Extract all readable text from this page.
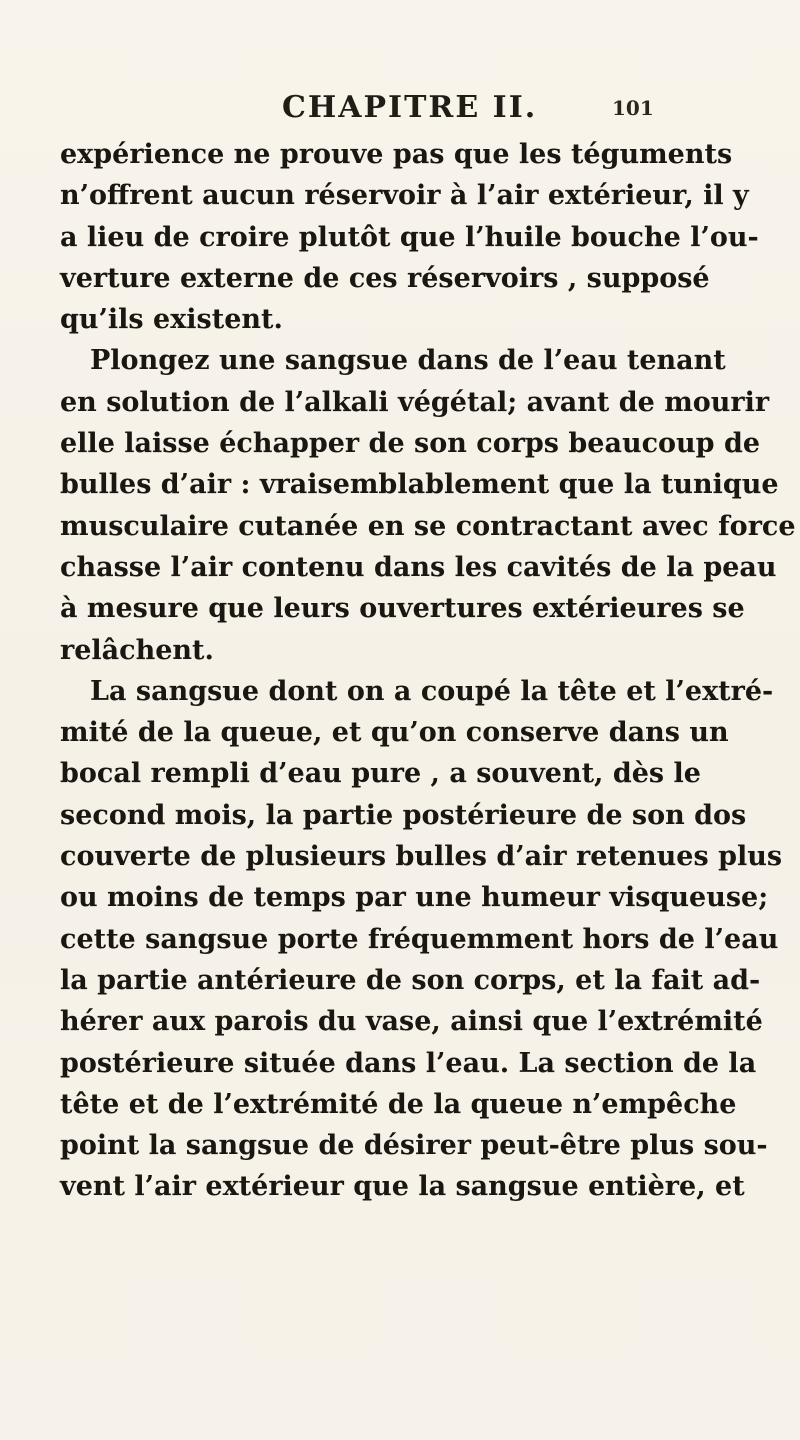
CHAPITRE II.	101
expérience ne prouve pas que les téguments
n’offrent aucun réservoir à l’air extérieur, il y
a lieu de croire plutôt que l’huile bouche l’ou-
verture externe de ces réservoirs , supposé
qu’ils existent.
Plongez une sangsue dans de l’eau tenant
en solution de l’alkali végétal; avant de mourir
elle laisse échapper de son corps beaucoup de
bulles d’air : vraisemblablement que la tunique
musculaire cutanée en se contractant avec force
chasse l’air contenu dans les cavités de la peau
à mesure que leurs ouvertures extérieures se
relâchent.
La sangsue dont on a coupé la tête et l’extré-
mité de la queue, et qu’on conserve dans un
bocal rempli d’eau pure , a souvent, dès le
second mois, la partie postérieure de son dos
couverte de plusieurs bulles d’air retenues plus
ou moins de temps par une humeur visqueuse;
cette sangsue porte fréquemment hors de l’eau
la partie antérieure de son corps, et la fait ad-
hérer aux parois du vase, ainsi que l’extrémité
postérieure située dans l’eau. La section de la
tête et de l’extrémité de la queue n’empêche
point la sangsue de désirer peut-être plus sou-
vent l’air extérieur que la sangsue entière, et
